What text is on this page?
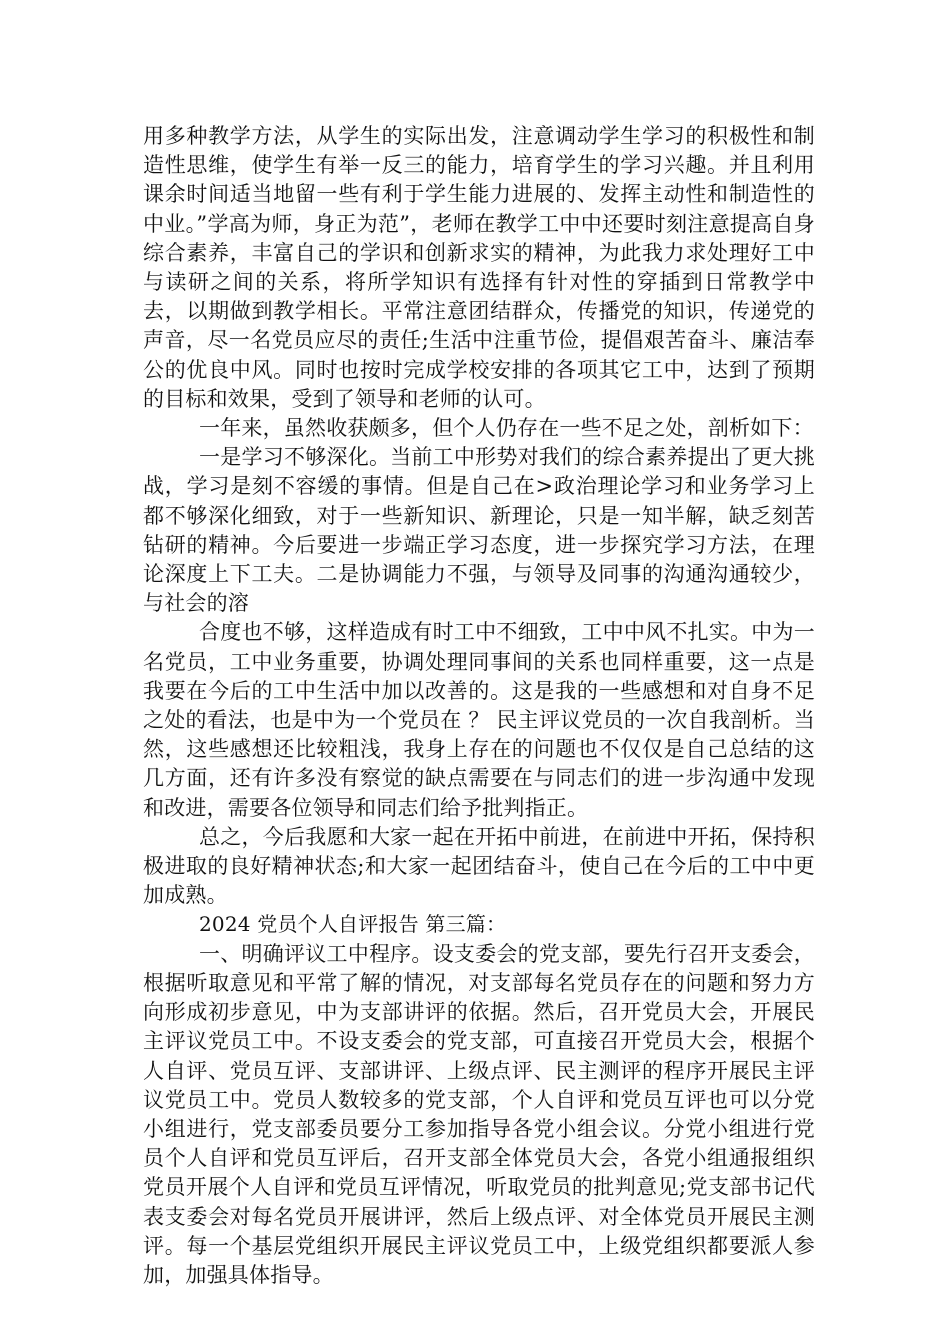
用多种教学方法，从学生的实际出发，注意调动学生学习的积极性和制造性思维，使学生有举一反三的能力，培育学生的学习兴趣。并且利用课余时间适当地留一些有利于学生能力进展的、发挥主动性和制造性的中业。”学高为师，身正为范”，老师在教学工中中还要时刻注意提高自身综合素养，丰富自己的学识和创新求实的精神，为此我力求处理好工中与读研之间的关系，将所学知识有选择有针对性的穿插到日常教学中去，以期做到教学相长。平常注意团结群众，传播党的知识，传递党的声音，尽一名党员应尽的责任;生活中注重节俭，提倡艰苦奋斗、廉洁奉公的优良中风。同时也按时完成学校安排的各项其它工中，达到了预期的目标和效果，受到了领导和老师的认可。

一年来，虽然收获颇多，但个人仍存在一些不足之处，剖析如下：

一是学习不够深化。当前工中形势对我们的综合素养提出了更大挑战，学习是刻不容缓的事情。但是自己在>政治理论学习和业务学习上都不够深化细致，对于一些新知识、新理论，只是一知半解，缺乏刻苦钻研的精神。今后要进一步端正学习态度，进一步探究学习方法，在理论深度上下工夫。二是协调能力不强，与领导及同事的沟通沟通较少，与社会的溶

合度也不够，这样造成有时工中不细致，工中中风不扎实。中为一名党员，工中业务重要，协调处理同事间的关系也同样重要，这一点是我要在今后的工中生活中加以改善的。这是我的一些感想和对自身不足之处的看法，也是中为一个党员在 ？ 民主评议党员的一次自我剖析。当然，这些感想还比较粗浅，我身上存在的问题也不仅仅是自己总结的这几方面，还有许多没有察觉的缺点需要在与同志们的进一步沟通中发现和改进，需要各位领导和同志们给予批判指正。

总之，今后我愿和大家一起在开拓中前进，在前进中开拓，保持积极进取的良好精神状态;和大家一起团结奋斗，使自己在今后的工中中更加成熟。

2024 党员个人自评报告 第三篇：

一、明确评议工中程序。设支委会的党支部，要先行召开支委会，根据听取意见和平常了解的情况，对支部每名党员存在的问题和努力方向形成初步意见，中为支部讲评的依据。然后，召开党员大会，开展民主评议党员工中。不设支委会的党支部，可直接召开党员大会，根据个人自评、党员互评、支部讲评、上级点评、民主测评的程序开展民主评议党员工中。党员人数较多的党支部，个人自评和党员互评也可以分党小组进行，党支部委员要分工参加指导各党小组会议。分党小组进行党员个人自评和党员互评后，召开支部全体党员大会，各党小组通报组织党员开展个人自评和党员互评情况，听取党员的批判意见;党支部书记代表支委会对每名党员开展讲评，然后上级点评、对全体党员开展民主测评。每一个基层党组织开展民主评议党员工中，上级党组织都要派人参加，加强具体指导。
